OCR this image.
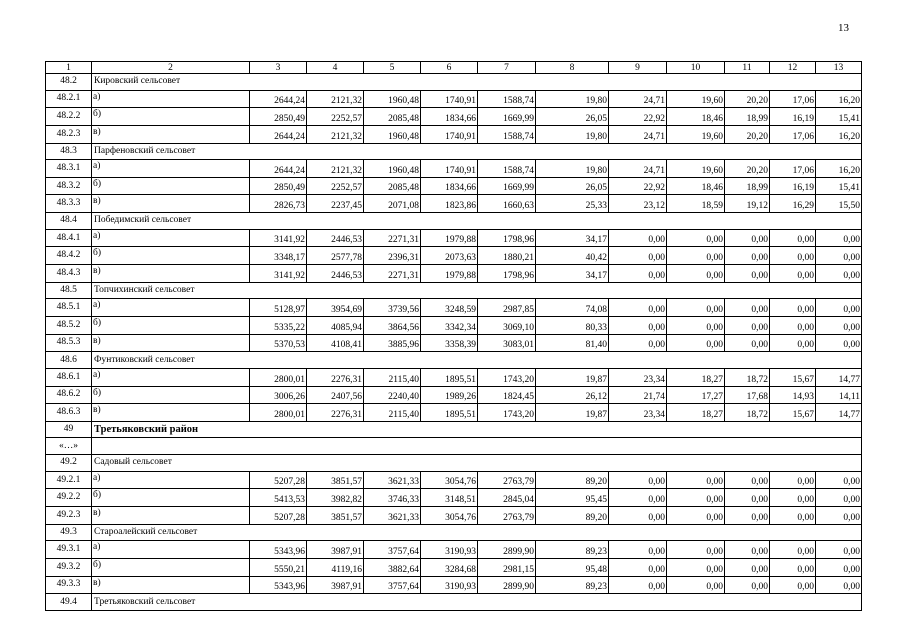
13
1	2	3	4	5	6	7	8	9	10	11	12	13
48.2	Кировский сельсовет											
48.2.1	а)	2644,24	2121,32	1960,48	1740,91	1588,74	19,80	24,71	19,60	20,20	17,06	16,20
48.2.2	б)	2850,49	2252,57	2085,48	1834,66	1669,99	26,05	22,92	18,46	18,99	16,19	15,41
48.2.3	в)	2644,24	2121,32	1960,48	1740,91	1588,74	19,80	24,71	19,60	20,20	17,06	16,20
48.3	Парфеновский сельсовет											
48.3.1	а)	2644,24	2121,32	1960,48	1740,91	1588,74	19,80	24,71	19,60	20,20	17,06	16,20
48.3.2	б)	2850,49	2252,57	2085,48	1834,66	1669,99	26,05	22,92	18,46	18,99	16,19	15,41
48.3.3	в)	2826,73	2237,45	2071,08	1823,86	1660,63	25,33	23,12	18,59	19,12	16,29	15,50
48.4	Победимский сельсовет											
48.4.1	а)	3141,92	2446,53	2271,31	1979,88	1798,96	34,17	0,00	0,00	0,00	0,00	0,00
48.4.2	б)	3348,17	2577,78	2396,31	2073,63	1880,21	40,42	0,00	0,00	0,00	0,00	0,00
48.4.3	в)	3141,92	2446,53	2271,31	1979,88	1798,96	34,17	0,00	0,00	0,00	0,00	0,00
48.5	Топчихинский сельсовет											
48.5.1	а)	5128,97	3954,69	3739,56	3248,59	2987,85	74,08	0,00	0,00	0,00	0,00	0,00
48.5.2	б)	5335,22	4085,94	3864,56	3342,34	3069,10	80,33	0,00	0,00	0,00	0,00	0,00
48.5.3	в)	5370,53	4108,41	3885,96	3358,39	3083,01	81,40	0,00	0,00	0,00	0,00	0,00
48.6	Фунтиковский сельсовет											
48.6.1	а)	2800,01	2276,31	2115,40	1895,51	1743,20	19,87	23,34	18,27	18,72	15,67	14,77
48.6.2	б)	3006,26	2407,56	2240,40	1989,26	1824,45	26,12	21,74	17,27	17,68	14,93	14,11
48.6.3	в)	2800,01	2276,31	2115,40	1895,51	1743,20	19,87	23,34	18,27	18,72	15,67	14,77
49	Третьяковский район											
«…»												
49.2	Садовый сельсовет											
49.2.1	а)	5207,28	3851,57	3621,33	3054,76	2763,79	89,20	0,00	0,00	0,00	0,00	0,00
49.2.2	б)	5413,53	3982,82	3746,33	3148,51	2845,04	95,45	0,00	0,00	0,00	0,00	0,00
49.2.3	в)	5207,28	3851,57	3621,33	3054,76	2763,79	89,20	0,00	0,00	0,00	0,00	0,00
49.3	Староалейский сельсовет											
49.3.1	а)	5343,96	3987,91	3757,64	3190,93	2899,90	89,23	0,00	0,00	0,00	0,00	0,00
49.3.2	б)	5550,21	4119,16	3882,64	3284,68	2981,15	95,48	0,00	0,00	0,00	0,00	0,00
49.3.3	в)	5343,96	3987,91	3757,64	3190,93	2899,90	89,23	0,00	0,00	0,00	0,00	0,00
49.4	Третьяковский сельсовет											
